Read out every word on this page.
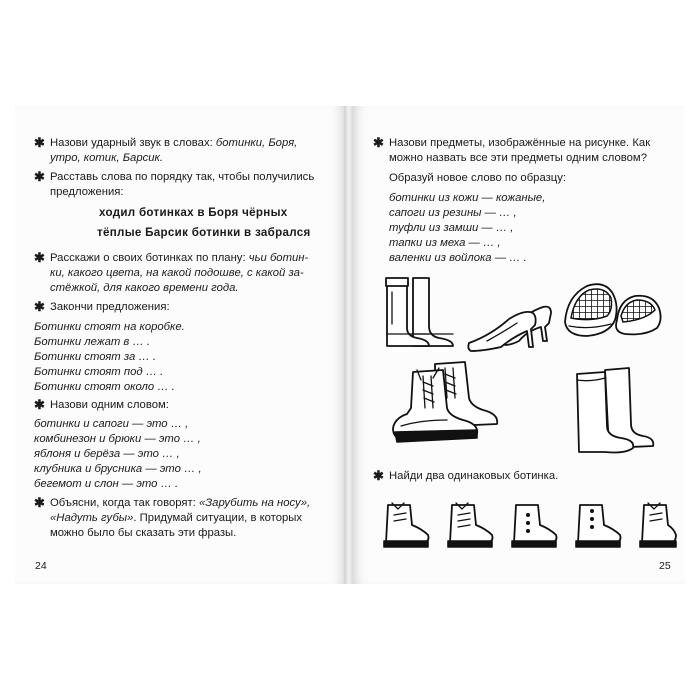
✱ Назови ударный звук в словах: ботинки, Боря,
утро, котик, Барсик.
✱ Расставь слова по порядку так, чтобы получились
предложения:
ходил ботинках в Боря чёрных
тёплые Барсик ботинки в забрался
✱ Расскажи о своих ботинках по плану: чьи ботин-
ки, какого цвета, на какой подошве, с какой за-
стёжкой, для какого времени года.
✱ Закончи предложения:
Ботинки стоят на коробке.
Ботинки лежат в … .
Ботинки стоят за … .
Ботинки стоят под … .
Ботинки стоят около … .
✱ Назови одним словом:
ботинки и сапоги — это … ,
комбинезон и брюки — это … ,
яблоня и берёза — это … ,
клубника и брусника — это … ,
бегемот и слон — это … .
✱ Объясни, когда так говорят: «Зарубить на носу»,
«Надуть губы». Придумай ситуации, в которых
можно было бы сказать эти фразы.
24
✱ Назови предметы, изображённые на рисунке. Как
можно назвать все эти предметы одним словом?
Образуй новое слово по образцу:
ботинки из кожи — кожаные,
сапоги из резины — … ,
туфли из замши — … ,
тапки из меха — … ,
валенки из войлока — … .
✱ Найди два одинаковых ботинка.
25
